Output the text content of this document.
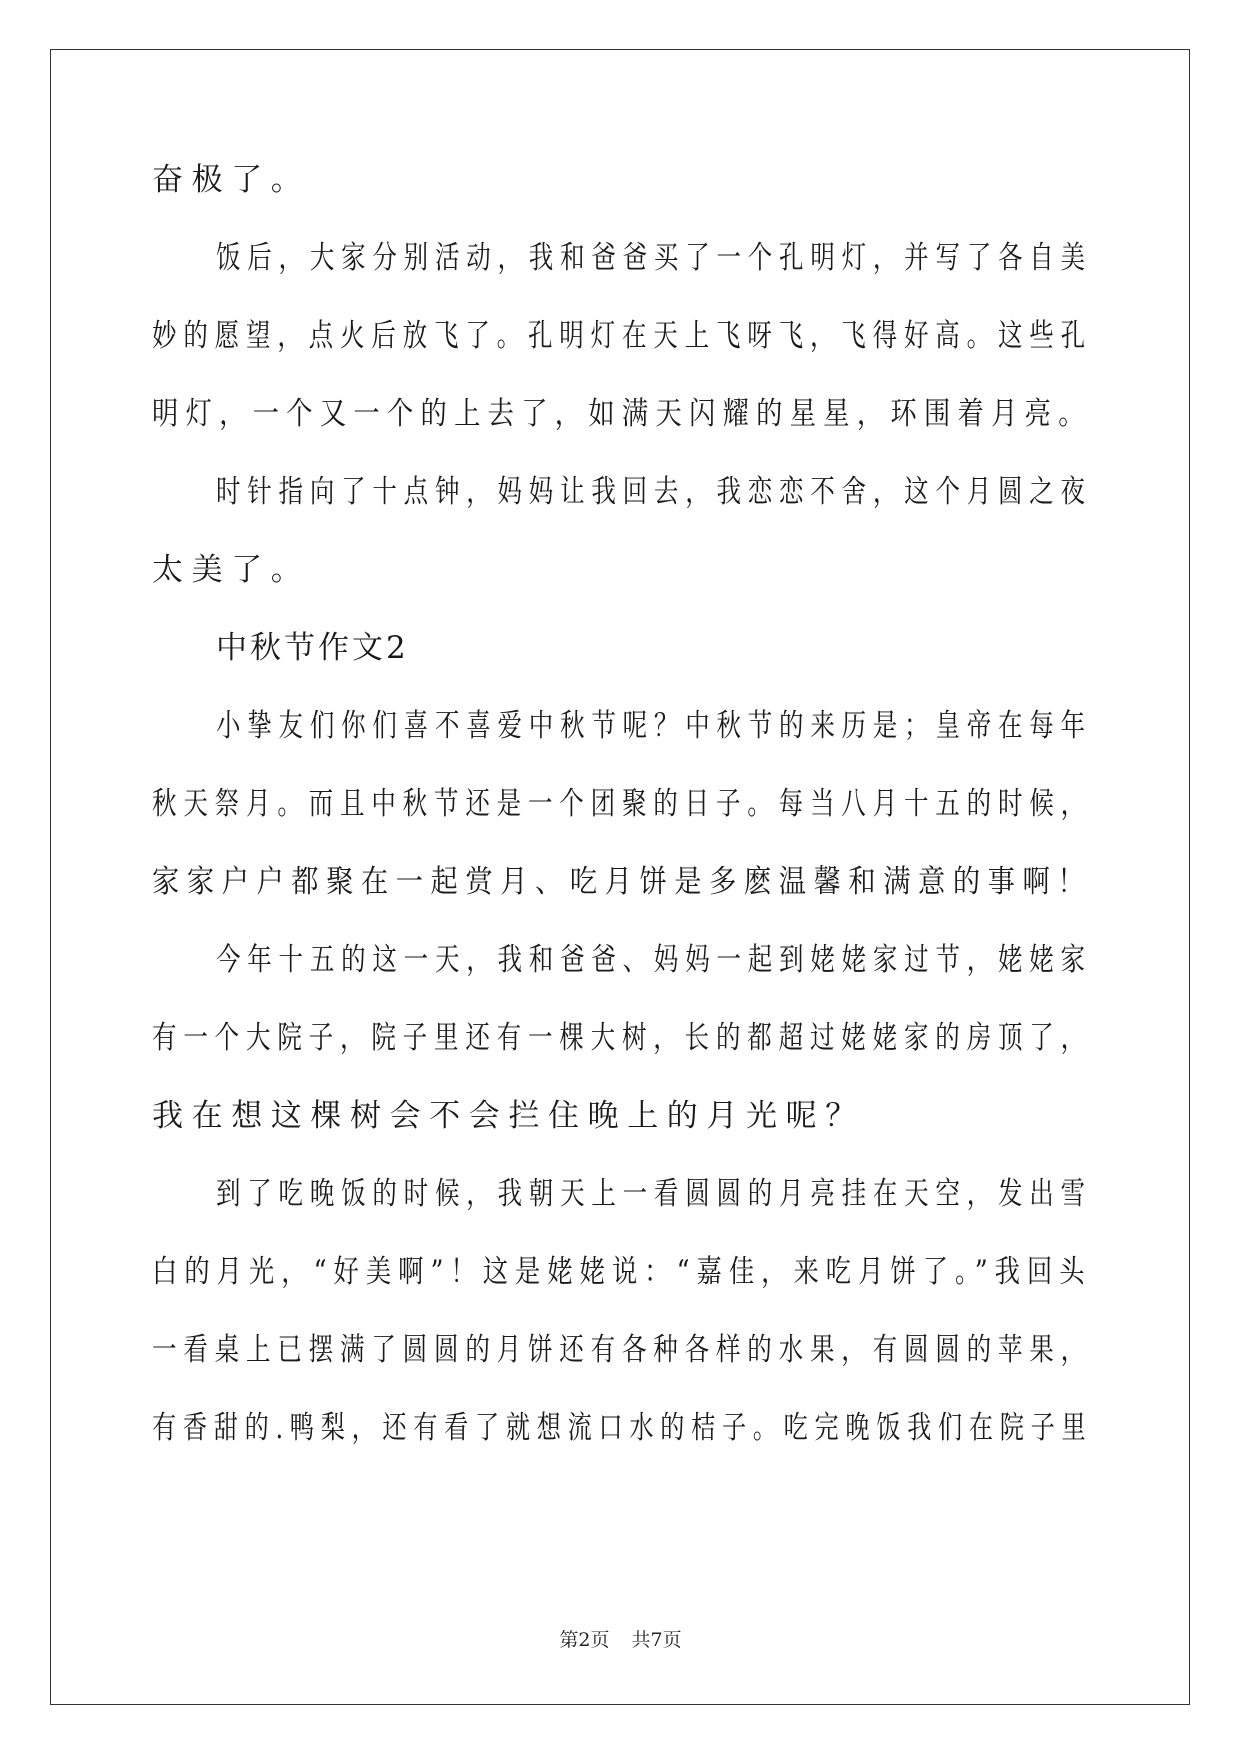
奋极了。
饭后，大家分别活动，我和爸爸买了一个孔明灯，并写了各自美
妙的愿望，点火后放飞了。孔明灯在天上飞呀飞，飞得好高。这些孔
明灯，一个又一个的上去了，如满天闪耀的星星，环围着月亮。
时针指向了十点钟，妈妈让我回去，我恋恋不舍，这个月圆之夜
太美了。
中秋节作文2
小挚友们你们喜不喜爱中秋节呢？中秋节的来历是；皇帝在每年
秋天祭月。而且中秋节还是一个团聚的日子。每当八月十五的时候，
家家户户都聚在一起赏月、吃月饼是多麽温馨和满意的事啊！
今年十五的这一天，我和爸爸、妈妈一起到姥姥家过节，姥姥家
有一个大院子，院子里还有一棵大树，长的都超过姥姥家的房顶了，
我在想这棵树会不会拦住晚上的月光呢？
到了吃晚饭的时候，我朝天上一看圆圆的月亮挂在天空，发出雪
白的月光，“好美啊”！这是姥姥说：“嘉佳，来吃月饼了。”我回头
一看桌上已摆满了圆圆的月饼还有各种各样的水果，有圆圆的苹果，
有香甜的.鸭梨，还有看了就想流口水的桔子。吃完晚饭我们在院子里
第2页 共7页
